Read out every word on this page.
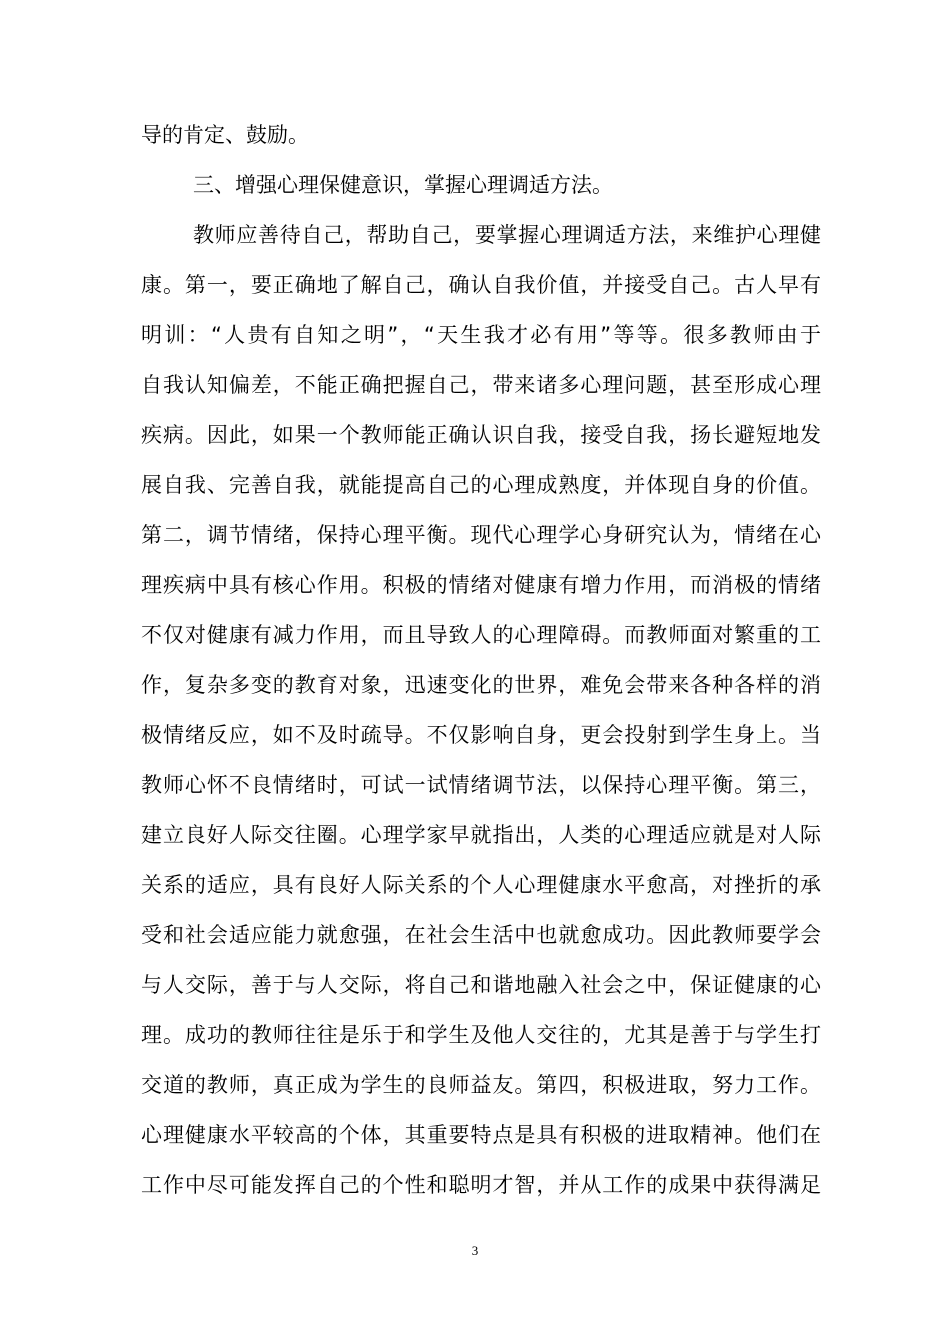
导的肯定、鼓励。
三、增强心理保健意识，掌握心理调适方法。
教师应善待自己，帮助自己，要掌握心理调适方法，来维护心理健
康。第一，要正确地了解自己，确认自我价值，并接受自己。古人早有
明训：“人贵有自知之明”，“天生我才必有用”等等。很多教师由于
自我认知偏差，不能正确把握自己，带来诸多心理问题，甚至形成心理
疾病。因此，如果一个教师能正确认识自我，接受自我，扬长避短地发
展自我、完善自我，就能提高自己的心理成熟度，并体现自身的价值。
第二，调节情绪，保持心理平衡。现代心理学心身研究认为，情绪在心
理疾病中具有核心作用。积极的情绪对健康有增力作用，而消极的情绪
不仅对健康有减力作用，而且导致人的心理障碍。而教师面对繁重的工
作，复杂多变的教育对象，迅速变化的世界，难免会带来各种各样的消
极情绪反应，如不及时疏导。不仅影响自身，更会投射到学生身上。当
教师心怀不良情绪时，可试一试情绪调节法，以保持心理平衡。第三，
建立良好人际交往圈。心理学家早就指出，人类的心理适应就是对人际
关系的适应，具有良好人际关系的个人心理健康水平愈高，对挫折的承
受和社会适应能力就愈强，在社会生活中也就愈成功。因此教师要学会
与人交际，善于与人交际，将自己和谐地融入社会之中，保证健康的心
理。成功的教师往往是乐于和学生及他人交往的，尤其是善于与学生打
交道的教师，真正成为学生的良师益友。第四，积极进取，努力工作。
心理健康水平较高的个体，其重要特点是具有积极的进取精神。他们在
工作中尽可能发挥自己的个性和聪明才智，并从工作的成果中获得满足
3
